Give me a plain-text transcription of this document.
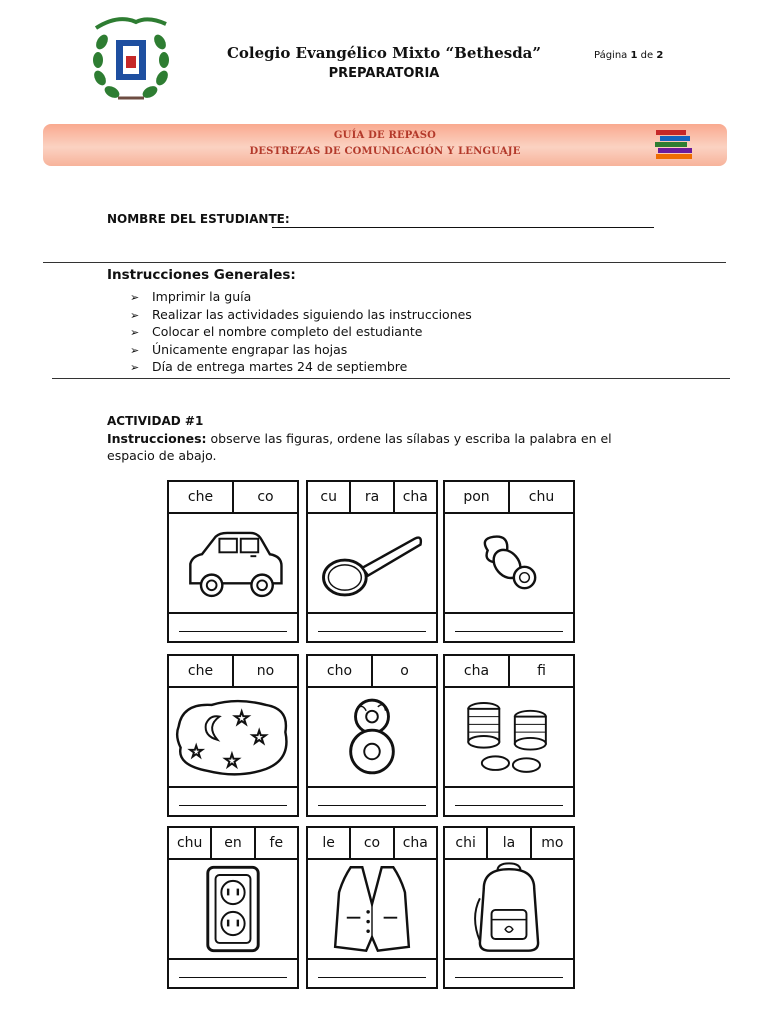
Colegio Evangélico Mixto “Bethesda”
PREPARATORIA
Página 1 de 2
GUÍA DE REPASO
DESTREZAS DE COMUNICACIÓN Y LENGUAJE
NOMBRE DEL ESTUDIANTE:
Instrucciones Generales:
➢ Imprimir la guía
➢ Realizar las actividades siguiendo las instrucciones
➢ Colocar el nombre completo del estudiante
➢ Únicamente engrapar las hojas
➢ Día de entrega martes 24 de septiembre
ACTIVIDAD #1
Instrucciones: observe las figuras, ordene las sílabas y escriba la palabra en el espacio de abajo.
che	co	cu	ra	cha	pon	chu
che	no
☆
☆
☆ ☆
cho	o	cha	fi
chu	en	fe	le	co	cha	chi	la	mo
